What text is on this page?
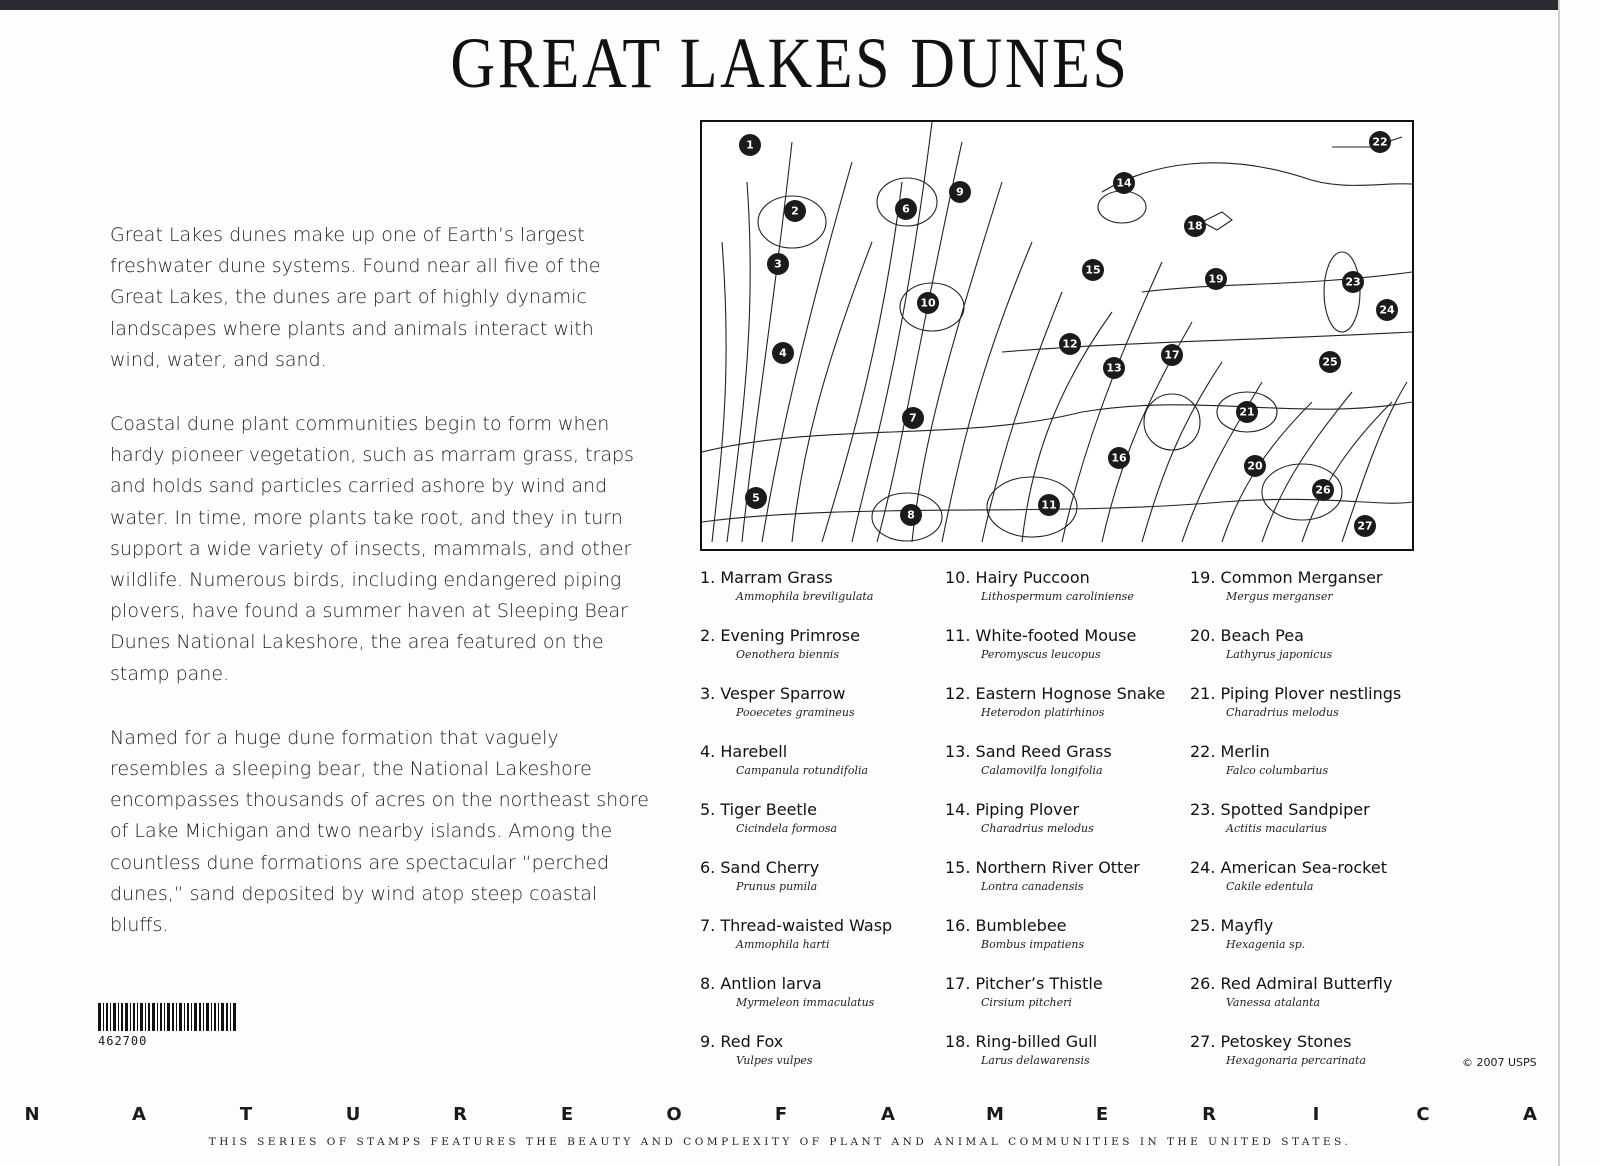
GREAT LAKES DUNES

Great Lakes dunes make up one of Earth’s largest freshwater dune systems. Found near all five of the Great Lakes, the dunes are part of highly dynamic landscapes where plants and animals interact with wind, water, and sand.

Coastal dune plant communities begin to form when hardy pioneer vegetation, such as marram grass, traps and holds sand particles carried ashore by wind and water. In time, more plants take root, and they in turn support a wide variety of insects, mammals, and other wildlife. Numerous birds, including endangered piping plovers, have found a summer haven at Sleeping Bear Dunes National Lakeshore, the area featured on the stamp pane.

Named for a huge dune formation that vaguely resembles a sleeping bear, the National Lakeshore encompasses thousands of acres on the northeast shore of Lake Michigan and two nearby islands. Among the countless dune formations are spectacular “perched dunes,” sand deposited by wind atop steep coastal bluffs.

462700
1
2
3
4
5
6
7
8
9
10
11
12
13
14
15
16
17
18
19
20
21
22
23
24
25
26
27
1. Marram Grass
Ammophila breviligulata
2. Evening Primrose
Oenothera biennis
3. Vesper Sparrow
Pooecetes gramineus
4. Harebell
Campanula rotundifolia
5. Tiger Beetle
Cicindela formosa
6. Sand Cherry
Prunus pumila
7. Thread-waisted Wasp
Ammophila harti
8. Antlion larva
Myrmeleon immaculatus
9. Red Fox
Vulpes vulpes
10. Hairy Puccoon
Lithospermum caroliniense
11. White-footed Mouse
Peromyscus leucopus
12. Eastern Hognose Snake
Heterodon platirhinos
13. Sand Reed Grass
Calamovilfa longifolia
14. Piping Plover
Charadrius melodus
15. Northern River Otter
Lontra canadensis
16. Bumblebee
Bombus impatiens
17. Pitcher’s Thistle
Cirsium pitcheri
18. Ring-billed Gull
Larus delawarensis
19. Common Merganser
Mergus merganser
20. Beach Pea
Lathyrus japonicus
21. Piping Plover nestlings
Charadrius melodus
22. Merlin
Falco columbarius
23. Spotted Sandpiper
Actitis macularius
24. American Sea-rocket
Cakile edentula
25. Mayfly
Hexagenia sp.
26. Red Admiral Butterfly
Vanessa atalanta
27. Petoskey Stones
Hexagonaria percarinata	© 2007 USPS
N	A	T	U	R	E	O	F	A	M	E	R	I	C	A
THIS SERIES OF STAMPS FEATURES THE BEAUTY AND COMPLEXITY OF PLANT AND ANIMAL COMMUNITIES IN THE UNITED STATES.
